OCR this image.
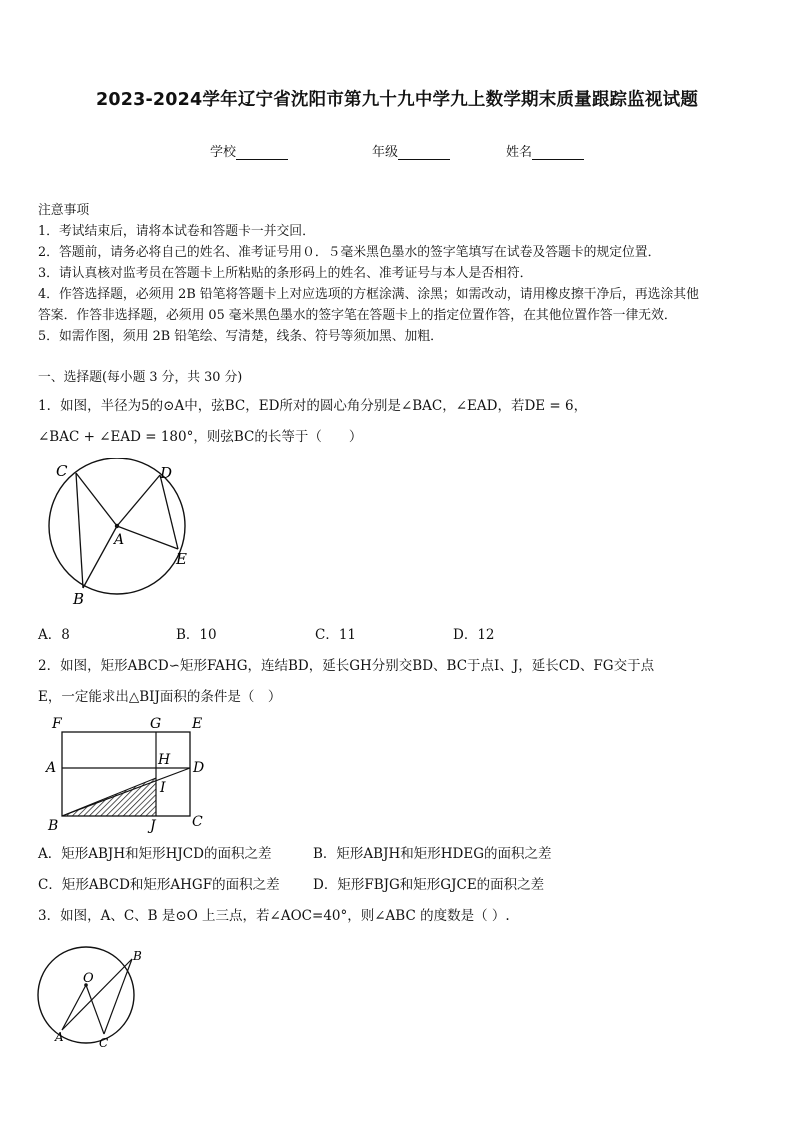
2023-2024学年辽宁省沈阳市第九十九中学九上数学期末质量跟踪监视试题
学校	年级	姓名
注意事项
1．考试结束后，请将本试卷和答题卡一并交回．
2．答题前，请务必将自己的姓名、准考证号用０．５毫米黑色墨水的签字笔填写在试卷及答题卡的规定位置．
3．请认真核对监考员在答题卡上所粘贴的条形码上的姓名、准考证号与本人是否相符．
4．作答选择题，必须用 2B 铅笔将答题卡上对应选项的方框涂满、涂黑；如需改动，请用橡皮擦干净后，再选涂其他
答案．作答非选择题，必须用 05 毫米黑色墨水的签字笔在答题卡上的指定位置作答，在其他位置作答一律无效．
5．如需作图，须用 2B 铅笔绘、写清楚，线条、符号等须加黑、加粗．
一、选择题(每小题 3 分，共 30 分)
1．如图，半径为5的⊙A中，弦BC，ED所对的圆心角分别是∠BAC，∠EAD，若DE = 6，
∠BAC + ∠EAD = 180°，则弦BC的长等于（　　）
C	D
A
E
B
A．8	B．10	C．11	D．12
2．如图，矩形ABCD∽矩形FAHG，连结BD，延长GH分别交BD、BC于点I、J，延长CD、FG交于点
E，一定能求出△BIJ面积的条件是（　）
F	G E
A	H D
I
B	J	C
A．矩形ABJH和矩形HJCD的面积之差	B．矩形ABJH和矩形HDEG的面积之差
C．矩形ABCD和矩形AHGF的面积之差 D．矩形FBJG和矩形GJCE的面积之差
3．如图，A、C、B 是⊙O 上三点，若∠AOC=40°，则∠ABC 的度数是（ ）.
O
B
A	C
